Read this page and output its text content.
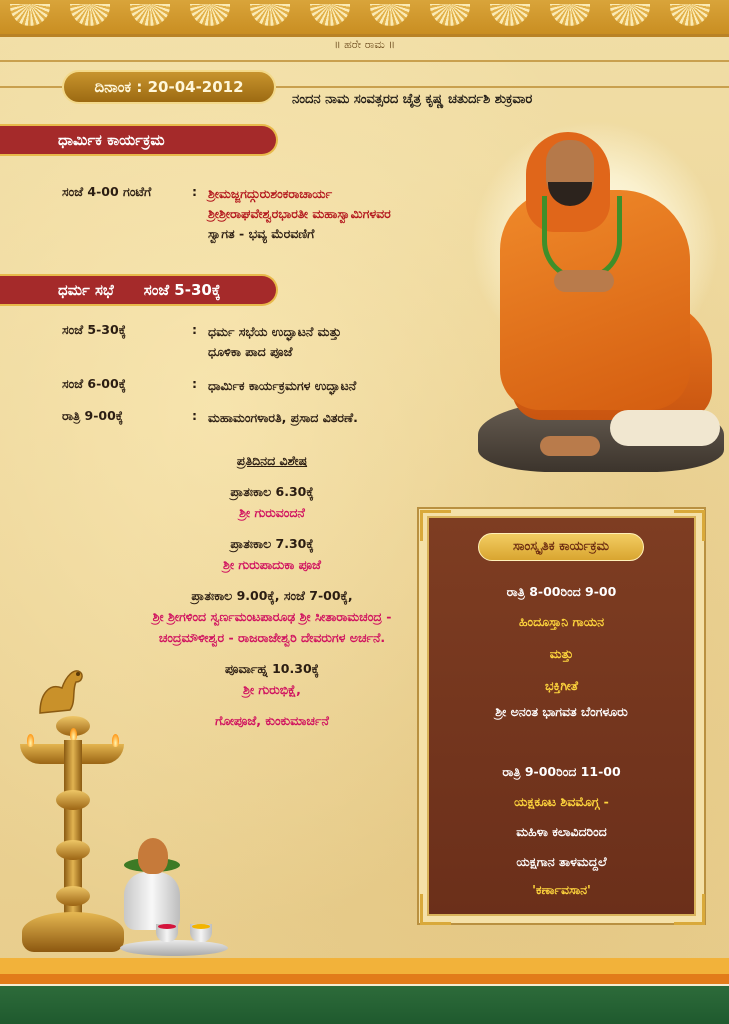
॥ ಹರೇ ರಾಮ ॥
ದಿನಾಂಕ : 20-04-2012
ನಂದನ ನಾಮ ಸಂವತ್ಸರದ ಚೈತ್ರ ಕೃಷ್ಣ ಚತುರ್ದಶಿ ಶುಕ್ರವಾರ
ಧಾರ್ಮಿಕ ಕಾರ್ಯಕ್ರಮ
ಸಂಜೆ 4-00 ಗಂಟೆಗೆ	: ಶ್ರೀಮಜ್ಜಗದ್ಗುರುಶಂಕರಾಚಾರ್ಯ
ಶ್ರೀಶ್ರೀರಾಘವೇಶ್ವರಭಾರತೀ ಮಹಾಸ್ವಾಮಿಗಳವರ
ಸ್ವಾಗತ - ಭವ್ಯ ಮೆರವಣಿಗೆ
ಧರ್ಮ ಸಭೆ ಸಂಜೆ 5-30ಕ್ಕೆ
ಸಂಜೆ 5-30ಕ್ಕೆ	: ಧರ್ಮ ಸಭೆಯ ಉದ್ಘಾಟನೆ ಮತ್ತು
ಧೂಳಿಕಾ ಪಾದ ಪೂಜೆ
ಸಂಜೆ 6-00ಕ್ಕೆ	: ಧಾರ್ಮಿಕ ಕಾರ್ಯಕ್ರಮಗಳ ಉದ್ಘಾಟನೆ
ರಾತ್ರಿ 9-00ಕ್ಕೆ	: ಮಹಾಮಂಗಳಾರತಿ, ಪ್ರಸಾದ ವಿತರಣೆ.
ಪ್ರತಿದಿನದ ವಿಶೇಷ
ಪ್ರಾತಃಕಾಲ 6.30ಕ್ಕೆ
ಶ್ರೀ ಗುರುವಂದನೆ
ಪ್ರಾತಃಕಾಲ 7.30ಕ್ಕೆ
ಶ್ರೀ ಗುರುಪಾದುಕಾ ಪೂಜೆ
ಪ್ರಾತಃಕಾಲ 9.00ಕ್ಕೆ, ಸಂಜೆ 7-00ಕ್ಕೆ,
ಶ್ರೀ ಶ್ರೀಗಳಿಂದ ಸ್ವರ್ಣಮಂಟಪಾರೂಢ ಶ್ರೀ ಸೀತಾರಾಮಚಂದ್ರ -
ಚಂದ್ರಮೌಳೀಶ್ವರ - ರಾಜರಾಜೇಶ್ವರಿ ದೇವರುಗಳ ಅರ್ಚನೆ.
ಪೂರ್ವಾಹ್ನ 10.30ಕ್ಕೆ
ಶ್ರೀ ಗುರುಭಿಕ್ಷೆ,
ಗೋಪೂಜೆ, ಕುಂಕುಮಾರ್ಚನೆ
ಸಾಂಸ್ಕೃತಿಕ ಕಾರ್ಯಕ್ರಮ
ರಾತ್ರಿ 8-00ರಿಂದ 9-00
ಹಿಂದೂಸ್ತಾನಿ ಗಾಯನ
ಮತ್ತು
ಭಕ್ತಿಗೀತೆ
ಶ್ರೀ ಅನಂತ ಭಾಗವತ ಬೆಂಗಳೂರು
ರಾತ್ರಿ 9-00ರಿಂದ 11-00
ಯಕ್ಷಕೂಟ ಶಿವಮೊಗ್ಗ -
ಮಹಿಳಾ ಕಲಾವಿದರಿಂದ
ಯಕ್ಷಗಾನ ತಾಳಮದ್ದಲೆ
'ಕರ್ಣಾವಸಾನ'
